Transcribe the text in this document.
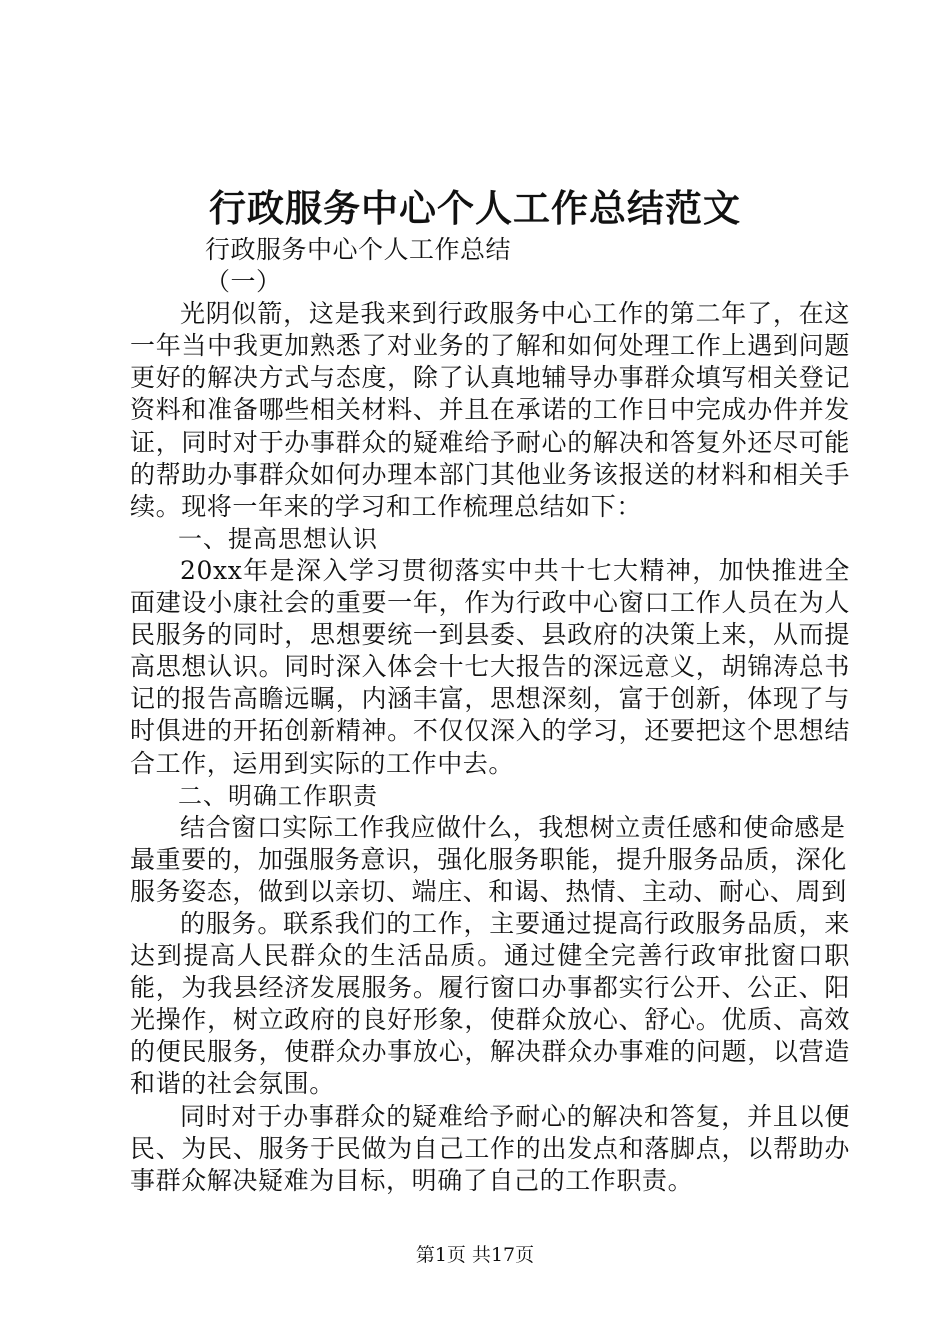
行政服务中心个人工作总结范文

行政服务中心个人工作总结

（一）

光阴似箭，这是我来到行政服务中心工作的第二年了，在这一年当中我更加熟悉了对业务的了解和如何处理工作上遇到问题更好的解决方式与态度，除了认真地辅导办事群众填写相关登记资料和准备哪些相关材料、并且在承诺的工作日中完成办件并发证，同时对于办事群众的疑难给予耐心的解决和答复外还尽可能的帮助办事群众如何办理本部门其他业务该报送的材料和相关手续。现将一年来的学习和工作梳理总结如下：

一、提高思想认识

20xx年是深入学习贯彻落实中共十七大精神，加快推进全面建设小康社会的重要一年，作为行政中心窗口工作人员在为人民服务的同时，思想要统一到县委、县政府的决策上来，从而提高思想认识。同时深入体会十七大报告的深远意义，胡锦涛总书记的报告高瞻远瞩，内涵丰富，思想深刻，富于创新，体现了与时俱进的开拓创新精神。不仅仅深入的学习，还要把这个思想结合工作，运用到实际的工作中去。

二、明确工作职责

结合窗口实际工作我应做什么，我想树立责任感和使命感是最重要的，加强服务意识，强化服务职能，提升服务品质，深化服务姿态，做到以亲切、端庄、和谒、热情、主动、耐心、周到

的服务。联系我们的工作，主要通过提高行政服务品质，来达到提高人民群众的生活品质。通过健全完善行政审批窗口职能，为我县经济发展服务。履行窗口办事都实行公开、公正、阳光操作，树立政府的良好形象，使群众放心、舒心。优质、高效的便民服务，使群众办事放心，解决群众办事难的问题，以营造和谐的社会氛围。

同时对于办事群众的疑难给予耐心的解决和答复，并且以便民、为民、服务于民做为自己工作的出发点和落脚点，以帮助办事群众解决疑难为目标，明确了自己的工作职责。

第1页 共17页
